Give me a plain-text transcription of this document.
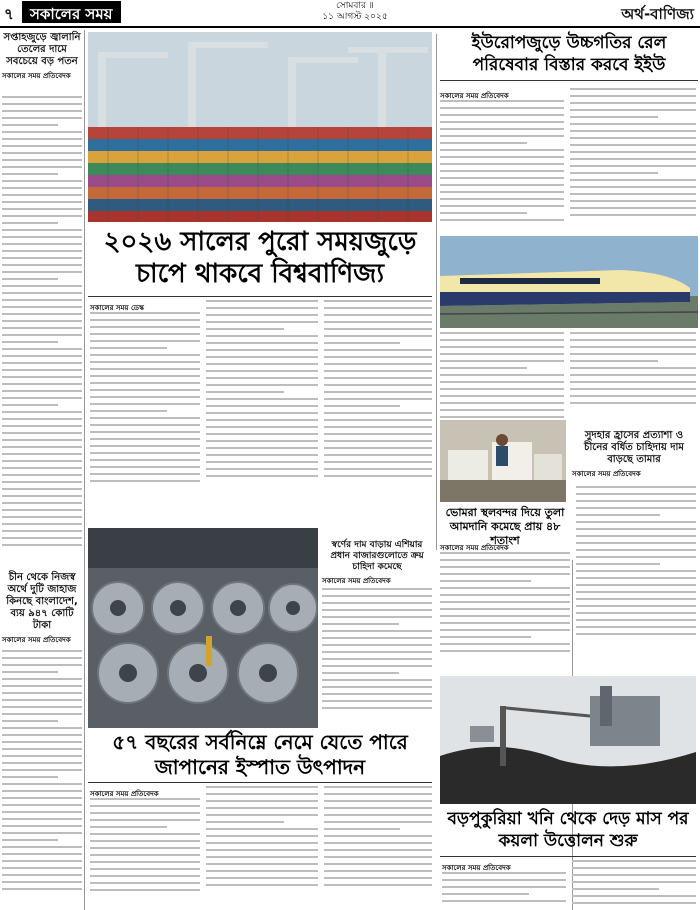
৭	সকালের সময়	সোমবার ॥
১১ আগস্ট ২০২৫	অর্থ-বাণিজ্য
সপ্তাহজুড়ে জ্বালানি তেলের দামে সবচেয়ে বড় পতন
সকালের সময় প্রতিবেদক
চীন থেকে নিজস্ব অর্থে দুটি জাহাজ কিনছে বাংলাদেশ, ব্যয় ৯৪৭ কোটি টাকা
সকালের সময় প্রতিবেদক
ইউরোপজুড়ে উচ্চগতির রেল পরিষেবার বিস্তার করবে ইইউ
সকালের সময় প্রতিবেদক
সুদহার হ্রাসের প্রত্যাশা ও চীনের বর্ধিত চাহিদায় দাম বাড়ছে তামার
সকালের সময় প্রতিবেদক
২০২৬ সালের পুরো সময়জুড়ে চাপে থাকবে বিশ্ববাণিজ্য
সকালের সময় ডেস্ক
ভোমরা স্থলবন্দর দিয়ে তুলা আমদানি কমেছে প্রায় ৪৮ শতাংশ
সকালের সময় প্রতিবেদক
স্বর্ণের দাম বাড়ায় এশিয়ার প্রধান বাজারগুলোতে ক্রয় চাহিদা কমেছে
সকালের সময় প্রতিবেদক
৫৭ বছরের সর্বনিম্নে নেমে যেতে পারে জাপানের ইস্পাত উৎপাদন
সকালের সময় প্রতিবেদক
বড়পুকুরিয়া খনি থেকে দেড় মাস পর কয়লা উত্তোলন শুরু
সকালের সময় প্রতিবেদক
